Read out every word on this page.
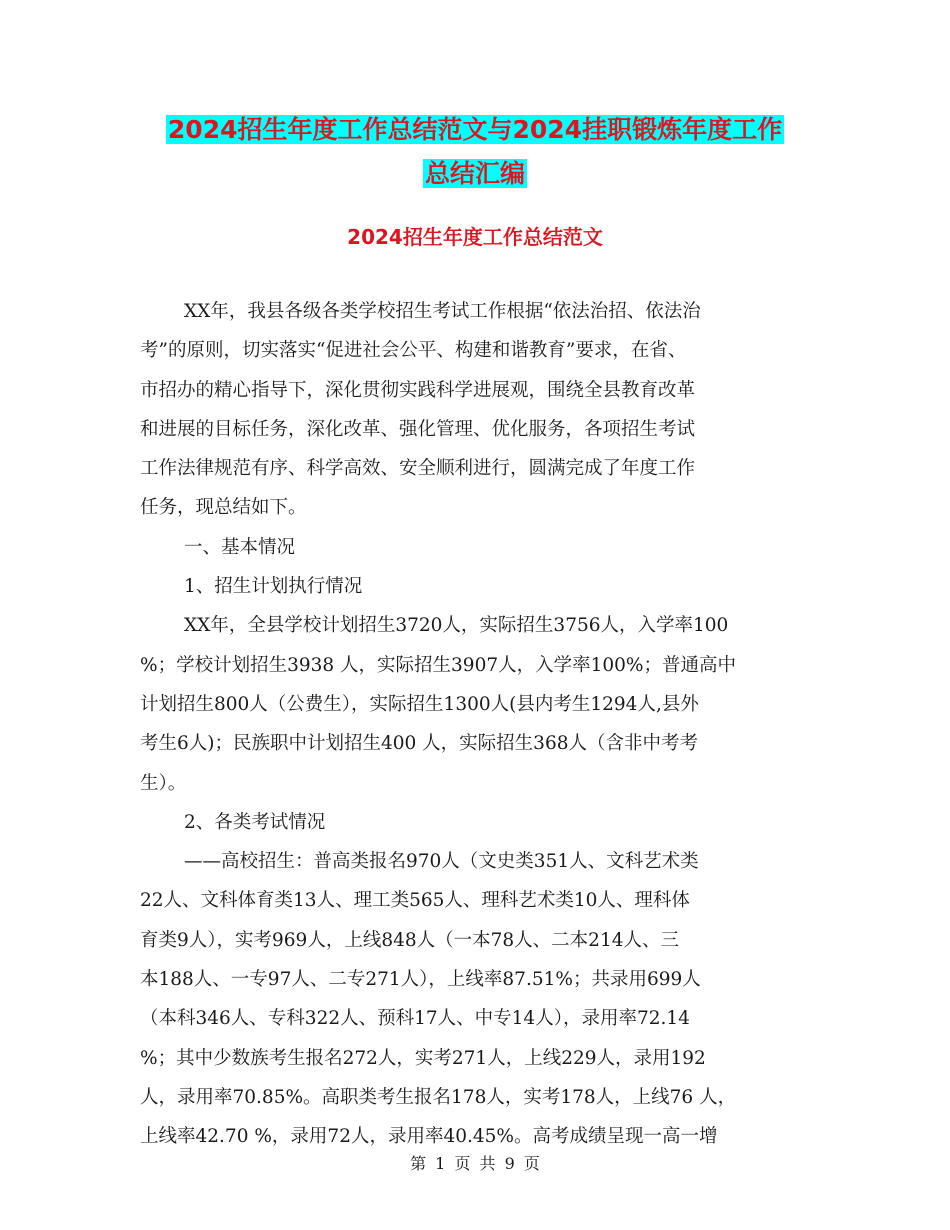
2024招生年度工作总结范文与2024挂职锻炼年度工作
总结汇编
2024招生年度工作总结范文
XX年，我县各级各类学校招生考试工作根据“依法治招、依法治
考”的原则，切实落实“促进社会公平、构建和谐教育”要求，在省、
市招办的精心指导下，深化贯彻实践科学进展观，围绕全县教育改革
和进展的目标任务，深化改革、强化管理、优化服务，各项招生考试
工作法律规范有序、科学高效、安全顺利进行，圆满完成了年度工作
任务，现总结如下。
一、基本情况
1、招生计划执行情况
XX年，全县学校计划招生3720人，实际招生3756人，入学率100
%；学校计划招生3938 人，实际招生3907人，入学率100%；普通高中
计划招生800人（公费生），实际招生1300人(县内考生1294人,县外
考生6人)；民族职中计划招生400 人，实际招生368人（含非中考考
生）。
2、各类考试情况
——高校招生：普高类报名970人（文史类351人、文科艺术类
22人、文科体育类13人、理工类565人、理科艺术类10人、理科体
育类9人），实考969人，上线848人（一本78人、二本214人、三
本188人、一专97人、二专271人），上线率87.51%；共录用699人
（本科346人、专科322人、预科17人、中专14人），录用率72.14
%；其中少数族考生报名272人，实考271人，上线229人，录用192
人，录用率70.85%。高职类考生报名178人，实考178人，上线76 人，
上线率42.70 %，录用72人，录用率40.45%。高考成绩呈现一高一增
第 1 页 共 9 页
